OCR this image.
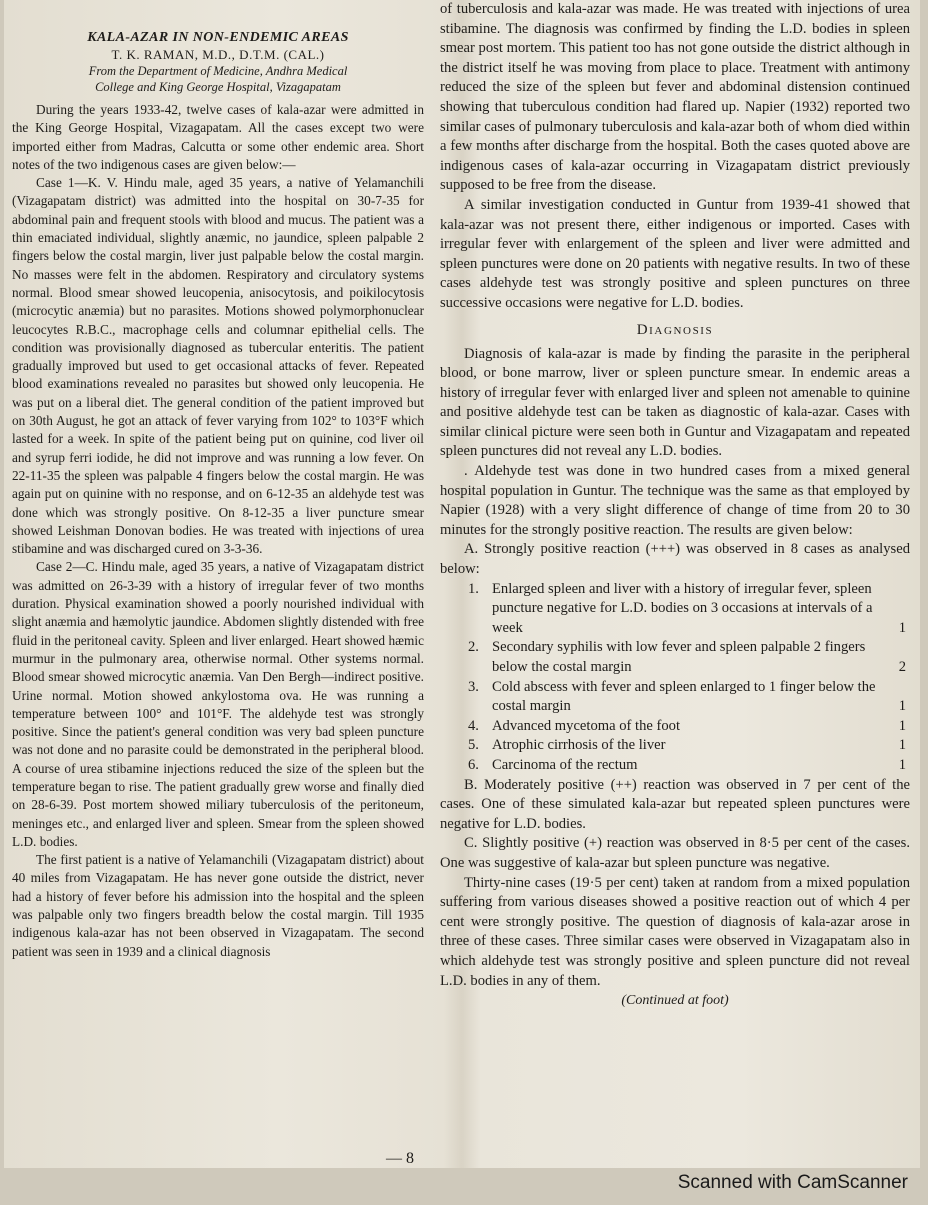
KALA-AZAR IN NON-ENDEMIC AREAS
T. K. RAMAN, M.D., D.T.M. (CAL.)
From the Department of Medicine, Andhra Medical
College and King George Hospital, Vizagapatam

During the years 1933-42, twelve cases of kala-azar were admitted in the King George Hospital, Vizagapatam. All the cases except two were imported either from Madras, Calcutta or some other endemic area. Short notes of the two indigenous cases are given below:—

Case 1—K. V. Hindu male, aged 35 years, a native of Yelamanchili (Vizagapatam district) was admitted into the hospital on 30-7-35 for abdominal pain and frequent stools with blood and mucus. The patient was a thin emaciated individual, slightly anæmic, no jaundice, spleen palpable 2 fingers below the costal margin, liver just palpable below the costal margin. No masses were felt in the abdomen. Respiratory and circulatory systems normal. Blood smear showed leucopenia, anisocytosis, and poikilocytosis (microcytic anæmia) but no parasites. Motions showed polymorphonuclear leucocytes R.B.C., macrophage cells and columnar epithelial cells. The condition was provisionally diagnosed as tubercular enteritis. The patient gradually improved but used to get occasional attacks of fever. Repeated blood examinations revealed no parasites but showed only leucopenia. He was put on a liberal diet. The general condition of the patient improved but on 30th August, he got an attack of fever varying from 102° to 103°F which lasted for a week. In spite of the patient being put on quinine, cod liver oil and syrup ferri iodide, he did not improve and was running a low fever. On 22-11-35 the spleen was palpable 4 fingers below the costal margin. He was again put on quinine with no response, and on 6-12-35 an aldehyde test was done which was strongly positive. On 8-12-35 a liver puncture smear showed Leishman Donovan bodies. He was treated with injections of urea stibamine and was discharged cured on 3-3-36.

Case 2—C. Hindu male, aged 35 years, a native of Vizagapatam district was admitted on 26-3-39 with a history of irregular fever of two months duration. Physical examination showed a poorly nourished individual with slight anæmia and hæmolytic jaundice. Abdomen slightly distended with free fluid in the peritoneal cavity. Spleen and liver enlarged. Heart showed hæmic murmur in the pulmonary area, otherwise normal. Other systems normal. Blood smear showed microcytic anæmia. Van Den Bergh—indirect positive. Urine normal. Motion showed ankylostoma ova. He was running a temperature between 100° and 101°F. The aldehyde test was strongly positive. Since the patient's general condition was very bad spleen puncture was not done and no parasite could be demonstrated in the peripheral blood. A course of urea stibamine injections reduced the size of the spleen but the temperature began to rise. The patient gradually grew worse and finally died on 28-6-39. Post mortem showed miliary tuberculosis of the peritoneum, meninges etc., and enlarged liver and spleen. Smear from the spleen showed L.D. bodies.

The first patient is a native of Yelamanchili (Vizagapatam district) about 40 miles from Vizagapatam. He has never gone outside the district, never had a history of fever before his admission into the hospital and the spleen was palpable only two fingers breadth below the costal margin. Till 1935 indigenous kala-azar has not been observed in Vizagapatam. The second patient was seen in 1939 and a clinical diagnosis

of tuberculosis and kala-azar was made. He was treated with injections of urea stibamine. The diagnosis was confirmed by finding the L.D. bodies in spleen smear post mortem. This patient too has not gone outside the district although in the district itself he was moving from place to place. Treatment with antimony reduced the size of the spleen but fever and abdominal distension continued showing that tuberculous condition had flared up. Napier (1932) reported two similar cases of pulmonary tuberculosis and kala-azar both of whom died within a few months after discharge from the hospital. Both the cases quoted above are indigenous cases of kala-azar occurring in Vizagapatam district previously supposed to be free from the disease.

A similar investigation conducted in Guntur from 1939-41 showed that kala-azar was not present there, either indigenous or imported. Cases with irregular fever with enlargement of the spleen and liver were admitted and spleen punctures were done on 20 patients with negative results. In two of these cases aldehyde test was strongly positive and spleen punctures on three successive occasions were negative for L.D. bodies.

Diagnosis

Diagnosis of kala-azar is made by finding the parasite in the peripheral blood, or bone marrow, liver or spleen puncture smear. In endemic areas a history of irregular fever with enlarged liver and spleen not amenable to quinine and positive aldehyde test can be taken as diagnostic of kala-azar. Cases with similar clinical picture were seen both in Guntur and Vizagapatam and repeated spleen punctures did not reveal any L.D. bodies.

. Aldehyde test was done in two hundred cases from a mixed general hospital population in Guntur. The technique was the same as that employed by Napier (1928) with a very slight difference of change of time from 20 to 30 minutes for the strongly positive reaction. The results are given below:

A. Strongly positive reaction (+++) was observed in 8 cases as analysed below:

1. Enlarged spleen and liver with a history of irregular fever, spleen puncture negative for L.D. bodies on 3 occasions at intervals of a week	1
2. Secondary syphilis with low fever and spleen palpable 2 fingers below the costal margin	2
3. Cold abscess with fever and spleen enlarged to 1 finger below the costal margin	1
4. Advanced mycetoma of the foot	1
5. Atrophic cirrhosis of the liver	1
6. Carcinoma of the rectum	1

B. Moderately positive (++) reaction was observed in 7 per cent of the cases. One of these simulated kala-azar but repeated spleen punctures were negative for L.D. bodies.

C. Slightly positive (+) reaction was observed in 8·5 per cent of the cases. One was suggestive of kala-azar but spleen puncture was negative.

Thirty-nine cases (19·5 per cent) taken at random from a mixed population suffering from various diseases showed a positive reaction out of which 4 per cent were strongly positive. The question of diagnosis of kala-azar arose in three of these cases. Three similar cases were observed in Vizagapatam also in which aldehyde test was strongly positive and spleen puncture did not reveal L.D. bodies in any of them.

(Continued at foot)
— 8
Scanned with CamScanner
